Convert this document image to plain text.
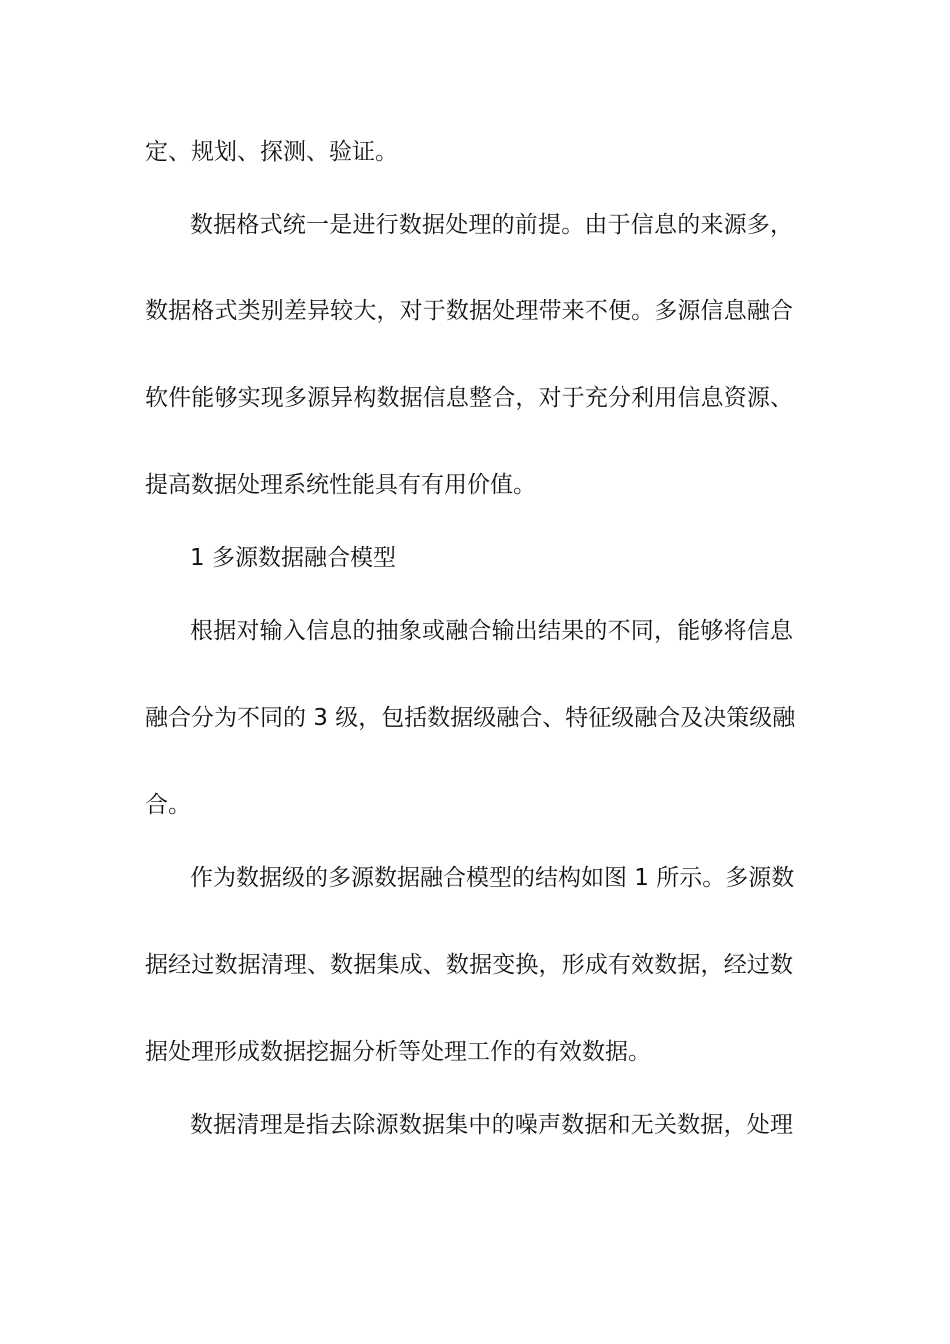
定、规划、探测、验证。
数据格式统一是进行数据处理的前提。由于信息的来源多，
数据格式类别差异较大，对于数据处理带来不便。多源信息融合
软件能够实现多源异构数据信息整合，对于充分利用信息资源、
提高数据处理系统性能具有有用价值。
1 多源数据融合模型
根据对输入信息的抽象或融合输出结果的不同，能够将信息
融合分为不同的 3 级，包括数据级融合、特征级融合及决策级融
合。
作为数据级的多源数据融合模型的结构如图 1 所示。多源数
据经过数据清理、数据集成、数据变换，形成有效数据，经过数
据处理形成数据挖掘分析等处理工作的有效数据。
数据清理是指去除源数据集中的噪声数据和无关数据，处理
